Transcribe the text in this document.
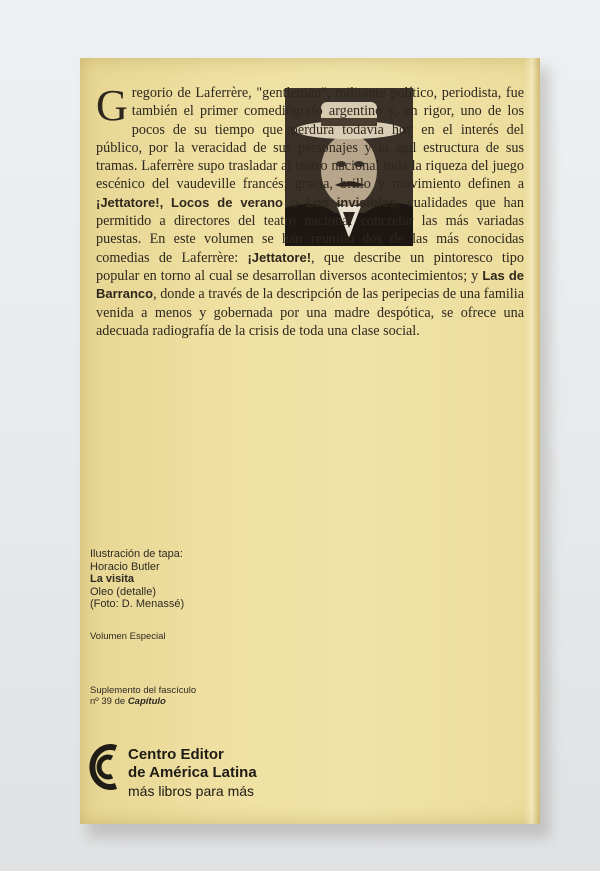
G regorio de Laferrère, "gentleman", militante político, periodista, fue también el primer comediógrafo argentino y, en rigor, uno de los pocos de su tiempo que perdura todavía hoy en el interés del público, por la veracidad de sus personajes y la ágil estructura de sus tramas. Laferrère supo trasladar al teatro nacional toda la riqueza del juego escénico del vaudeville francés; gracia, brillo y movimiento definen a ¡Jettatore!, Locos de verano o Los invisibles, cualidades que han permitido a directores del teatro nacional concretar las más variadas puestas. En este volumen se han reunido dos de las más conocidas comedias de Laferrère: ¡Jettatore!, que describe un pintoresco tipo popular en torno al cual se desarrollan diversos acontecimientos; y Las de Barranco, donde a través de la descripción de las peripecias de una familia venida a menos y gobernada por una madre despótica, se ofrece una adecuada radiografía de la crisis de toda una clase social.
Ilustración de tapa:
Horacio Butler
La visita
Oleo (detalle)
(Foto: D. Menassé)
Volumen Especial
Suplemento del fascículo
nº 39 de Capítulo
Centro Editor
de América Latina
más libros para más
